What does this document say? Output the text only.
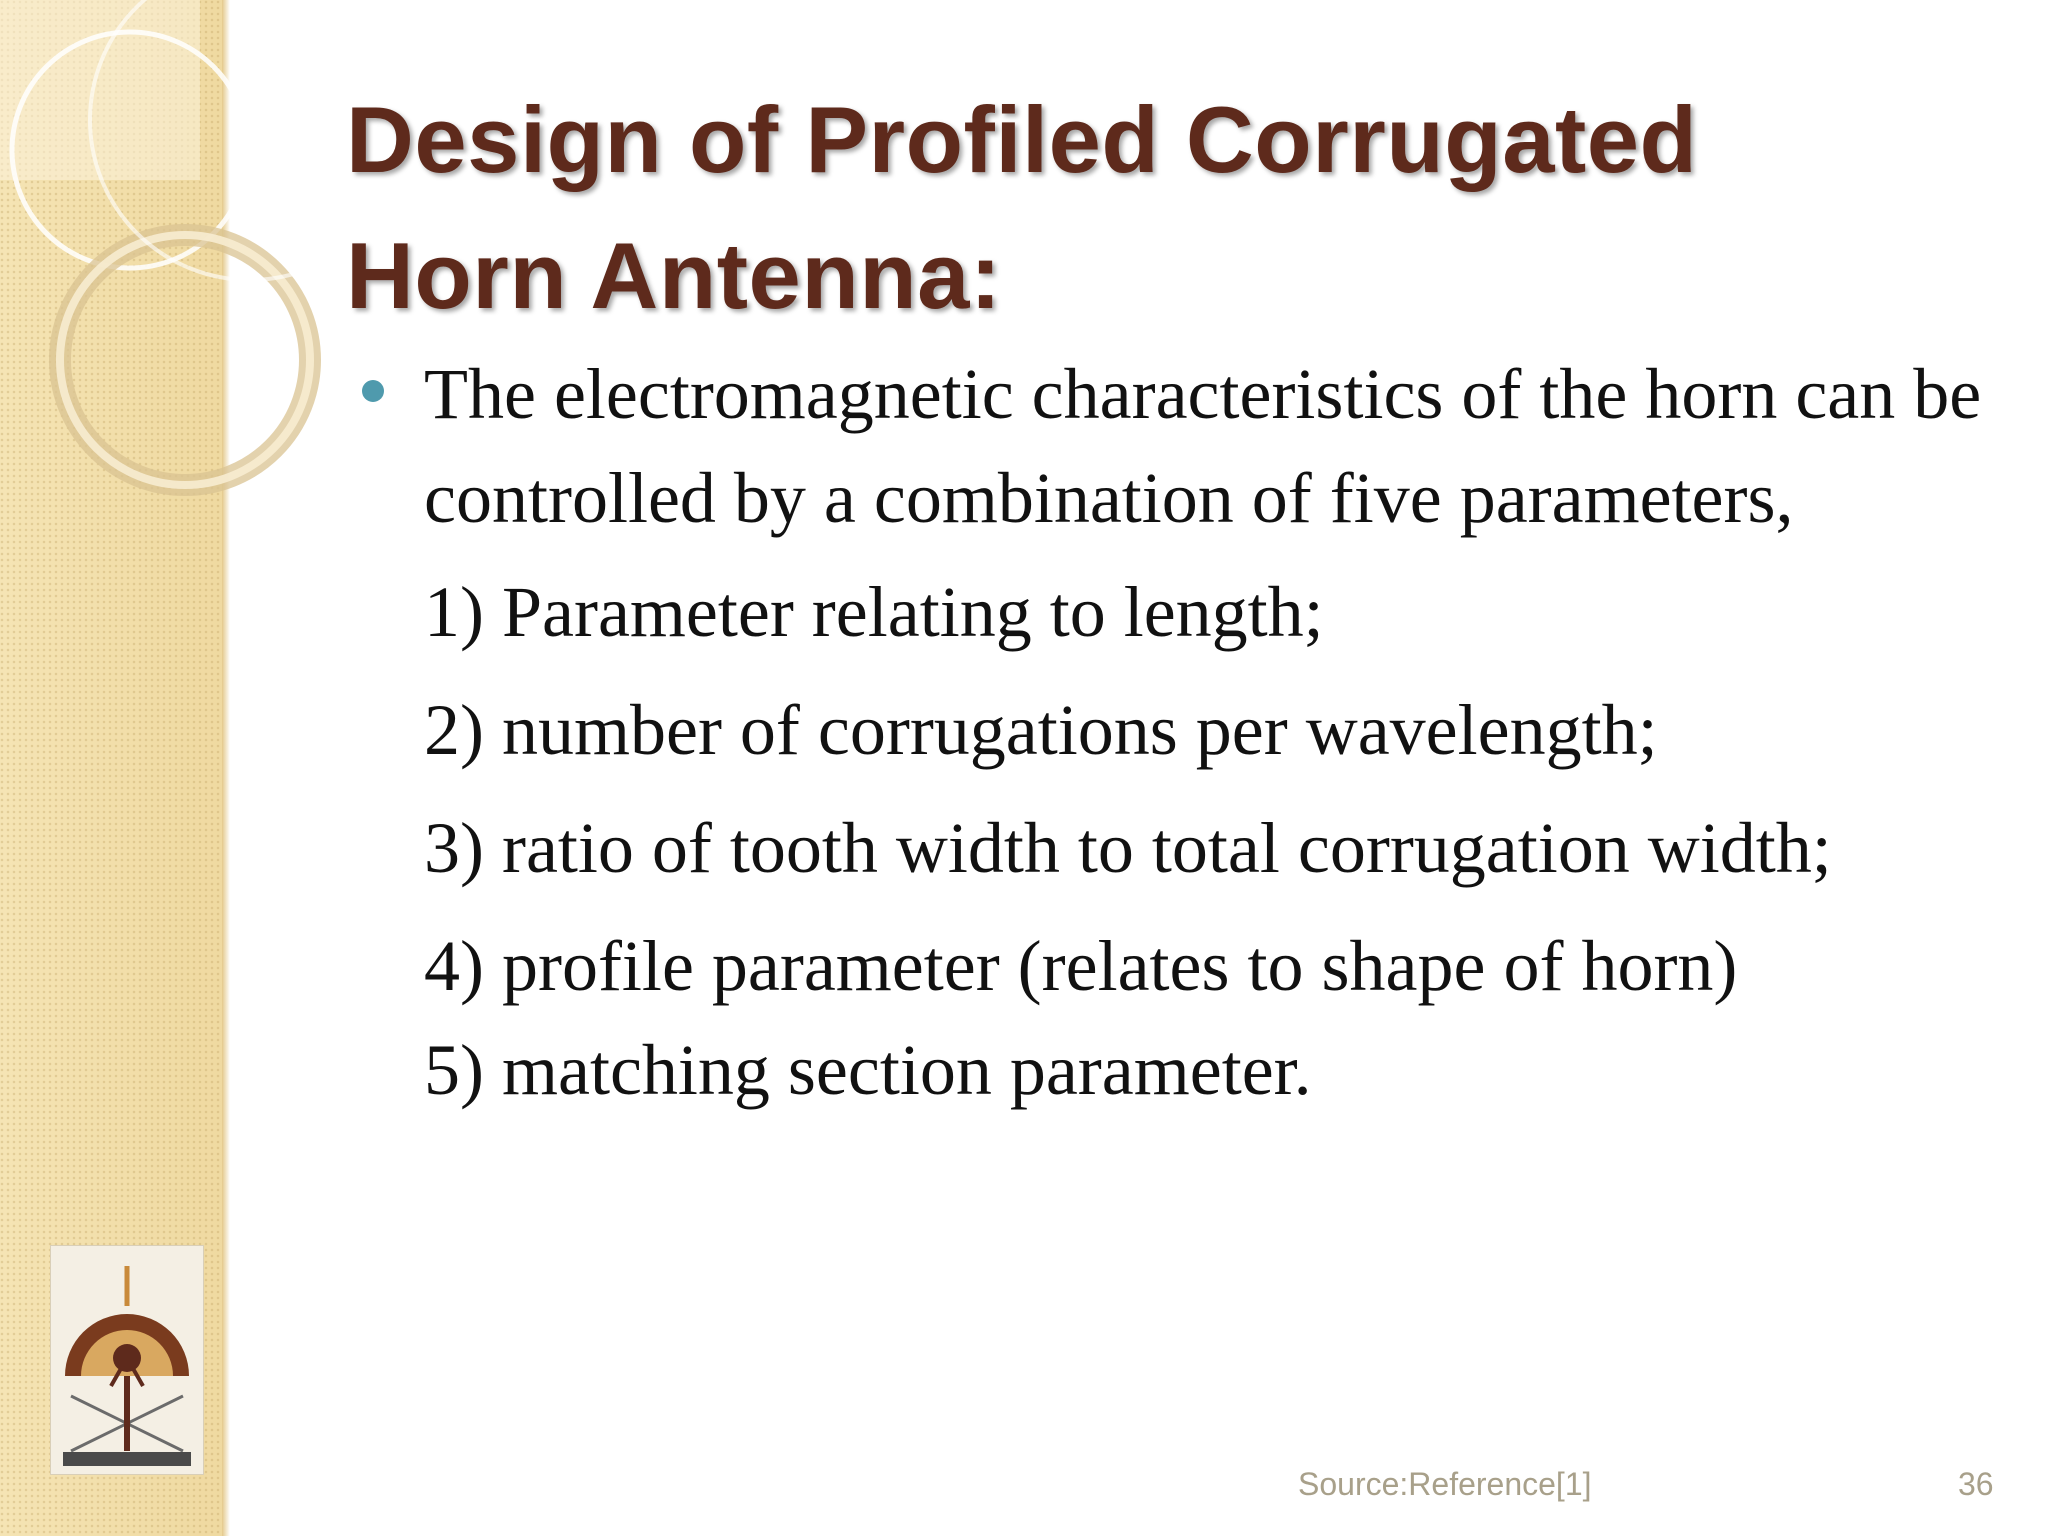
Design of Profiled Corrugated
Horn Antenna:
The electromagnetic characteristics of the horn can be controlled by a combination of five parameters,
1) Parameter relating to length;
2) number of corrugations per wavelength;
3) ratio of tooth width to total corrugation width;
4) profile parameter (relates to shape of horn)
5) matching section parameter.
Source:Reference[1]	36
